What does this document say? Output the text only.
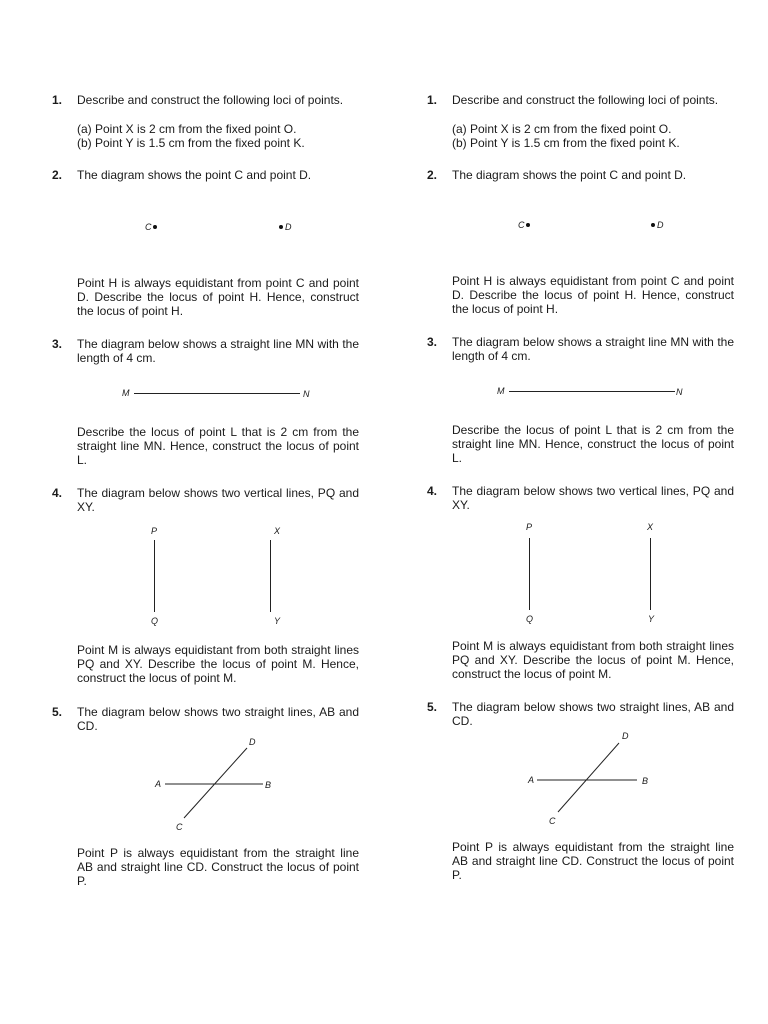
1. Describe and construct the following loci of points.
(a) Point X is 2 cm from the fixed point O.
(b) Point Y is 1.5 cm from the fixed point K.
2. The diagram shows the point C and point D.
C	D
Point H is always equidistant from point C and point D. Describe the locus of point H. Hence, construct the locus of point H.
3. The diagram below shows a straight line MN with the length of 4 cm.
M	N
Describe the locus of point L that is 2 cm from the straight line MN. Hence, construct the locus of point L.
4. The diagram below shows two vertical lines, PQ and XY.
P
Q
X
Y
Point M is always equidistant from both straight lines PQ and XY. Describe the locus of point M. Hence, construct the locus of point M.
5. The diagram below shows two straight lines, AB and CD.
A	B
D
C
Point P is always equidistant from the straight line AB and straight line CD. Construct the locus of point P.
1. Describe and construct the following loci of points.
(a) Point X is 2 cm from the fixed point O.
(b) Point Y is 1.5 cm from the fixed point K.
2. The diagram shows the point C and point D.
C	D
Point H is always equidistant from point C and point D. Describe the locus of point H. Hence, construct the locus of point H.
3. The diagram below shows a straight line MN with the length of 4 cm.
M	N
Describe the locus of point L that is 2 cm from the straight line MN. Hence, construct the locus of point L.
4. The diagram below shows two vertical lines, PQ and XY.
P
Q
X
Y
Point M is always equidistant from both straight lines PQ and XY. Describe the locus of point M. Hence, construct the locus of point M.
5. The diagram below shows two straight lines, AB and CD.
A	B
D
C
Point P is always equidistant from the straight line AB and straight line CD. Construct the locus of point P.
